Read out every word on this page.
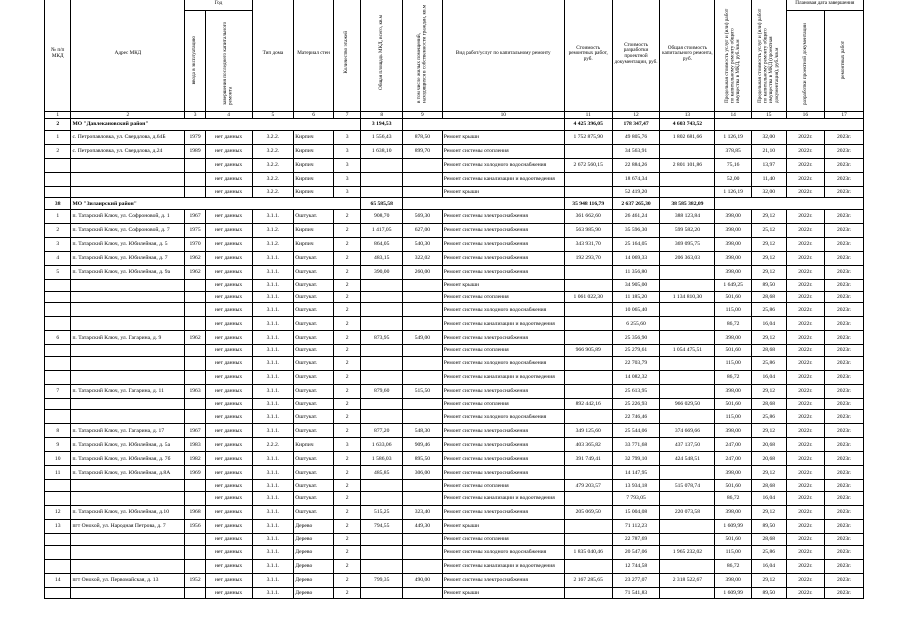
№ п/п МКД	Адрес МКД	Год		Тип дома	Материал стен	Количество этажей	Общая площадь МКД, всего, кв.м	в том числе жилых помещений, находящихся в собственности граждан, кв.м	Вид работ/услуг по капитальному ремонту	Стоимость ремонтных работ, руб.	Стоимость разработки проектной документации, руб.	Общая стоимость капитального ремонта, руб.	Предельная стоимость услуг и (или) работ по капитальному ремонту общего имущества в МКД, руб./кв.м	Предельная стоимость услуг и (или) работ по капитальному ремонту общего имущества в МКД (проектная документация), руб./кв.м	Плановая дата завершения	
		ввода в эксплуатацию	завершения последнего капитального ремонта												разработки проектной документации	ремонтных работ
1	2	3	4	5	6	7	8	9	10	11	12	13	14	15	16	17
2	МО "Давлекановский район"						3 194,53			4 425 396,05	178 347,47	4 603 743,52				
1	с. Петропавловка, ул. Свердлова, д.64Б	1979	нет данных	3.2.2.	Кирпич	3	1 556,43	878,50	Ремонт крыши	1 752 875,90	49 805,76	1 802 681,66	1 126,19	32,00	2022г.	2023г.
2	с. Петропавловка, ул. Свердлова, д.24	1989	нет данных	3.2.2.	Кирпич	3	1 638,10	899,70	Ремонт системы отопления		34 563,91		378,85	21,10	2022г.	2023г.
			нет данных	3.2.2.	Кирпич	3			Ремонт системы холодного водоснабжения	2 672 560,15	22 884,26	2 801 101,86	75,16	13,97	2022г.	2023г.
			нет данных	3.2.2.	Кирпич	3			Ремонт системы канализации и водоотведения		18 674,34		52,00	11,40	2022г.	2023г.
			нет данных	3.2.2.	Кирпич	3			Ремонт крыши		52 419,20		1 126,19	32,00	2022г.	2023г.
38	МО "Зилаирский район"						65 585,58			35 948 116,79	2 637 265,30	38 585 382,09				
1	п. Татарский Ключ, ул. Софроновой, д. 1	1967	нет данных	3.1.1.	Оштукат.	2	908,70	569,30	Ремонт системы электроснабжения	361 662,60	26 461,24	388 123,84	398,00	29,12	2022г.	2023г.
2	п. Татарский Ключ, ул. Софроновой, д. 7	1975	нет данных	3.1.2.	Кирпич	2	1 417,05	627,00	Ремонт системы электроснабжения	563 985,90	35 596,30	599 582,20	398,00	25,12	2022г.	2023г.
3	п. Татарский Ключ, ул. Юбилейная, д. 5	1970	нет данных	3.1.2.	Кирпич	2	864,05	540,30	Ремонт системы электроснабжения	343 931,70	25 164,05	369 095,75	398,00	29,12	2022г.	2023г.
4	п. Татарский Ключ, ул. Юбилейная, д. 7	1962	нет данных	3.1.1.	Оштукат.	2	483,15	322,02	Ремонт системы электроснабжения	192 293,70	14 069,33	206 363,03	398,00	29,12	2022г.	2023г.
5	п. Татарский Ключ, ул. Юбилейная, д. 9а	1962	нет данных	3.1.1.	Оштукат.	2	390,00	260,00	Ремонт системы электроснабжения		11 356,80		398,00	29,12	2022г.	2023г.
			нет данных	3.1.1.	Оштукат.	2			Ремонт крыши		34 905,00		1 649,25	89,50	2022г.	2023г.
			нет данных	3.1.1.	Оштукат.	2			Ремонт системы отопления	1 061 022,30	11 185,20	1 134 810,30	501,60	28,68	2022г.	2023г.
			нет данных	3.1.1.	Оштукат.	2			Ремонт системы холодного водоснабжения		10 065,40		115,00	25,86	2022г.	2023г.
			нет данных	3.1.1.	Оштукат.	2			Ремонт системы канализации и водоотведения		6 255,60		86,72	16,04	2022г.	2023г.
6	п. Татарский Ключ, ул. Гагарина, д. 9	1962	нет данных	3.1.1.	Оштукат.	2	873,95	549,00	Ремонт системы электроснабжения		25 356,90		398,00	29,12	2022г.	2023г.
			нет данных	3.1.1.	Оштукат.	2			Ремонт системы отопления	966 905,89	25 279,61	1 054 475,51	501,60	28,68	2022г.	2023г.
			нет данных	3.1.1.	Оштукат.	2			Ремонт системы холодного водоснабжения		22 703,79		115,00	25,86	2022г.	2023г.
			нет данных	3.1.1.	Оштукат.	2			Ремонт системы канализации и водоотведения		14 082,32		86,72	16,04	2022г.	2023г.
7	п. Татарский Ключ, ул. Гагарина, д. 11	1963	нет данных	3.1.1.	Оштукат.	2	879,60	515,50	Ремонт системы электроснабжения		25 613,95		398,00	29,12	2022г.	2023г.
			нет данных	3.1.1.	Оштукат.	2			Ремонт системы отопления	892 442,16	25 226,93	966 029,50	501,60	28,68	2022г.	2023г.
			нет данных	3.1.1.	Оштукат.	2			Ремонт системы холодного водоснабжения		22 746,46		115,00	25,86	2022г.	2023г.
8	п. Татарский Ключ, ул. Гагарина, д. 17	1967	нет данных	3.1.1.	Оштукат.	2	877,20	548,30	Ремонт системы электроснабжения	349 125,60	25 544,06	374 669,66	398,00	29,12	2022г.	2023г.
9	п. Татарский Ключ, ул. Юбилейная, д. 5а	1983	нет данных	2.2.2.	Кирпич	3	1 633,06	909,46	Ремонт системы электроснабжения	403 365,82	33 771,68	437 137,50	247,00	20,68	2022г.	2023г.
10	п. Татарский Ключ, ул. Юбилейная, д. 7б	1982	нет данных	3.1.1.	Оштукат.	2	1 586,03	895,50	Ремонт системы электроснабжения	391 749,41	32 799,10	424 548,51	247,00	20,68	2022г.	2023г.
11	п. Татарский Ключ, ул. Юбилейная, д.8А	1969	нет данных	3.1.1.	Оштукат.	2	485,85	306,00	Ремонт системы электроснабжения		14 147,95		398,00	29,12	2022г.	2023г.
			нет данных	3.1.1.	Оштукат.	2			Ремонт системы отопления	479 203,57	13 934,18	515 078,74	501,60	28,68	2022г.	2023г.
			нет данных	3.1.1.	Оштукат.	2			Ремонт системы канализации и водоотведения		7 793,05		86,72	16,04	2022г.	2023г.
12	п. Татарский Ключ, ул. Юбилейная, д.10	1968	нет данных	3.1.1.	Оштукат.	2	515,25	323,40	Ремонт системы электроснабжения	205 069,50	15 004,08	220 073,58	398,00	29,12	2022г.	2023г.
13	пгт Онохой, ул. Народная Петрова, д. 7	1956	нет данных	3.1.1.	Дерево	2	794,55	449,30	Ремонт крыши		71 112,23		1 609,99	89,50	2022г.	2023г.
			нет данных	3.1.1.	Дерево	2			Ремонт системы отопления		22 787,69		501,60	28,68	2022г.	2023г.
			нет данных	3.1.1.	Дерево	2			Ремонт системы холодного водоснабжения	1 835 040,46	20 547,06	1 965 232,02	115,00	25,86	2022г.	2023г.
			нет данных	3.1.1.	Дерево	2			Ремонт системы канализации и водоотведения		12 744,58		86,72	16,04	2022г.	2023г.
14	пгт Онохой, ул. Первомайская, д. 13	1952	нет данных	3.1.1.	Дерево	2	799,35	490,00	Ремонт системы электроснабжения	2 167 285,65	23 277,07	2 318 522,67	398,00	29,12	2022г.	2023г.
			нет данных	3.1.1.	Дерево	2			Ремонт крыши		71 541,83		1 609,99	89,50	2022г.	2023г.
